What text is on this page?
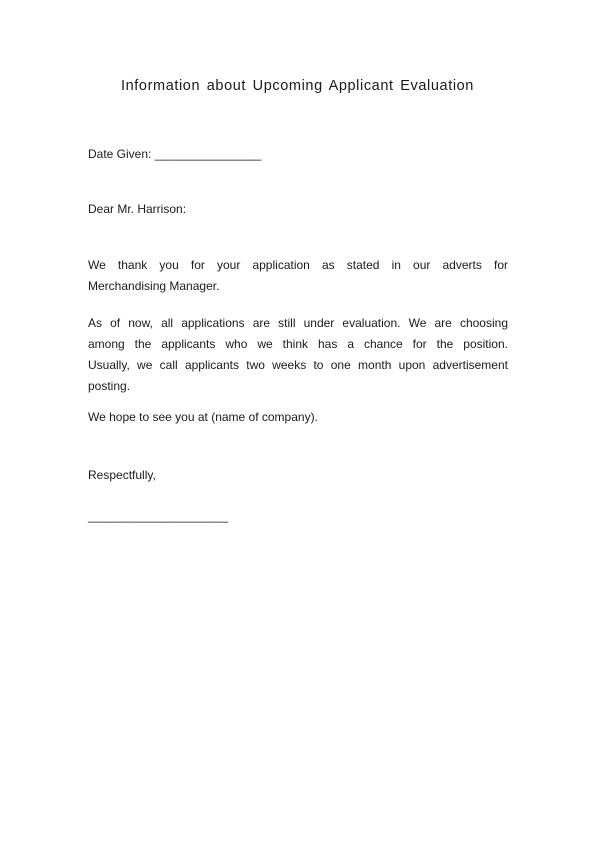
Information about Upcoming Applicant Evaluation
Date Given: ________________
Dear Mr. Harrison:
We thank you for your application as stated in our adverts for
Merchandising Manager.
As of now, all applications are still under evaluation. We are choosing
among the applicants who we think has a chance for the position.
Usually, we call applicants two weeks to one month upon advertisement
posting.
We hope to see you at (name of company).
Respectfully,
_____________________
